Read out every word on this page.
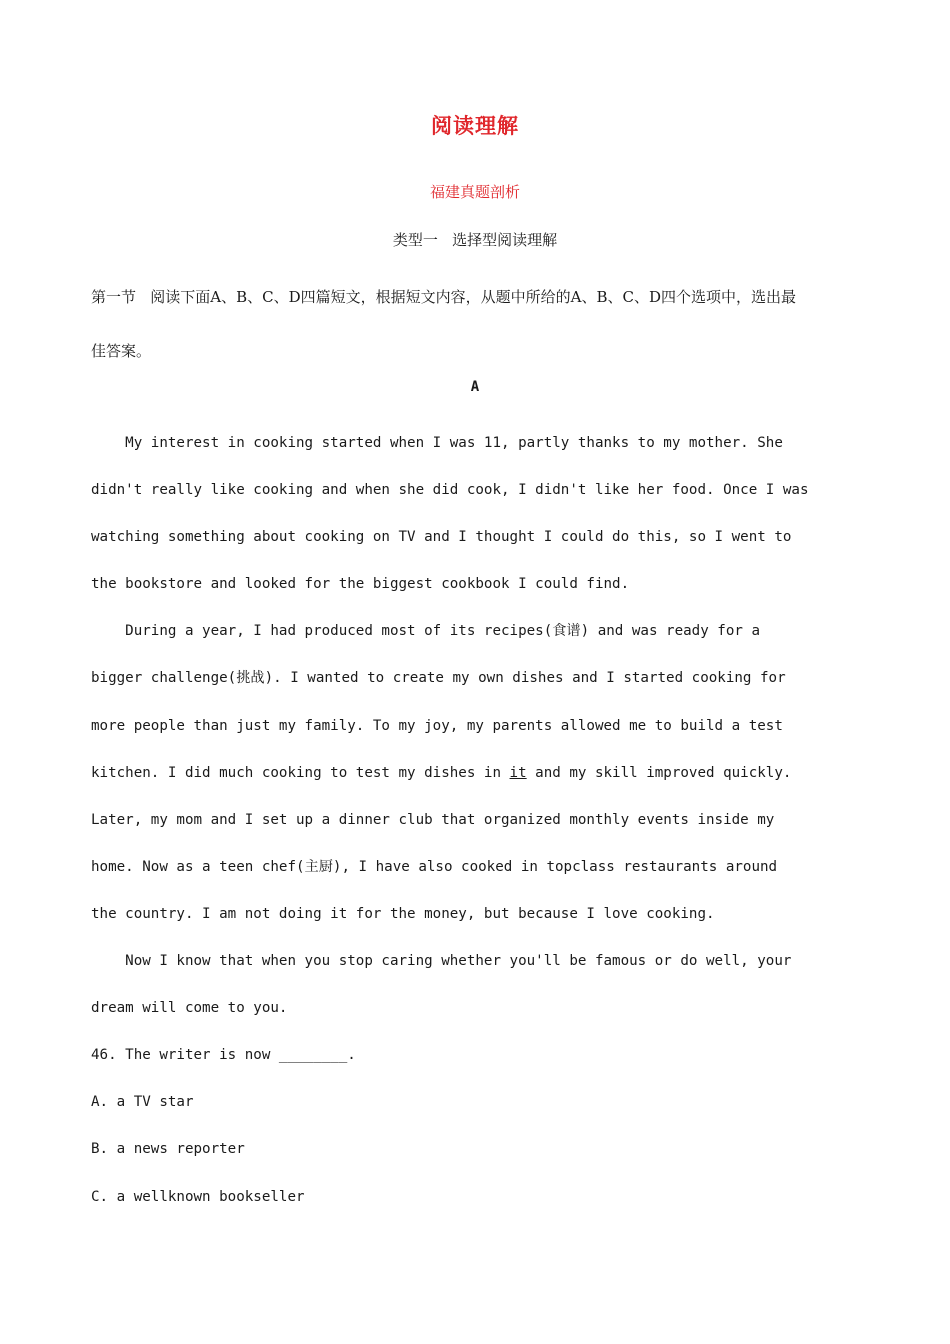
阅读理解
福建真题剖析
类型一   选择型阅读理解
第一节   阅读下面A、B、C、D四篇短文，根据短文内容，从题中所给的A、B、C、D四个选项中，选出最
佳答案。
A
My interest in cooking started when I was 11, partly thanks to my mother. She
didn't really like cooking and when she did cook, I didn't like her food. Once I was
watching something about cooking on TV and I thought I could do this, so I went to
the bookstore and looked for the biggest cookbook I could find.
During a year, I had produced most of its recipes(食谱) and was ready for a
bigger challenge(挑战). I wanted to create my own dishes and I started cooking for
more people than just my family. To my joy, my parents allowed me to build a test
kitchen. I did much cooking to test my dishes in it and my skill improved quickly.
Later, my mom and I set up a dinner club that organized monthly events inside my
home. Now as a teen chef(主厨), I have also cooked in topclass restaurants around
the country. I am not doing it for the money, but because I love cooking.
Now I know that when you stop caring whether you'll be famous or do well, your
dream will come to you.
46. The writer is now ________.
A. a TV star
B. a news reporter
C. a wellknown bookseller
